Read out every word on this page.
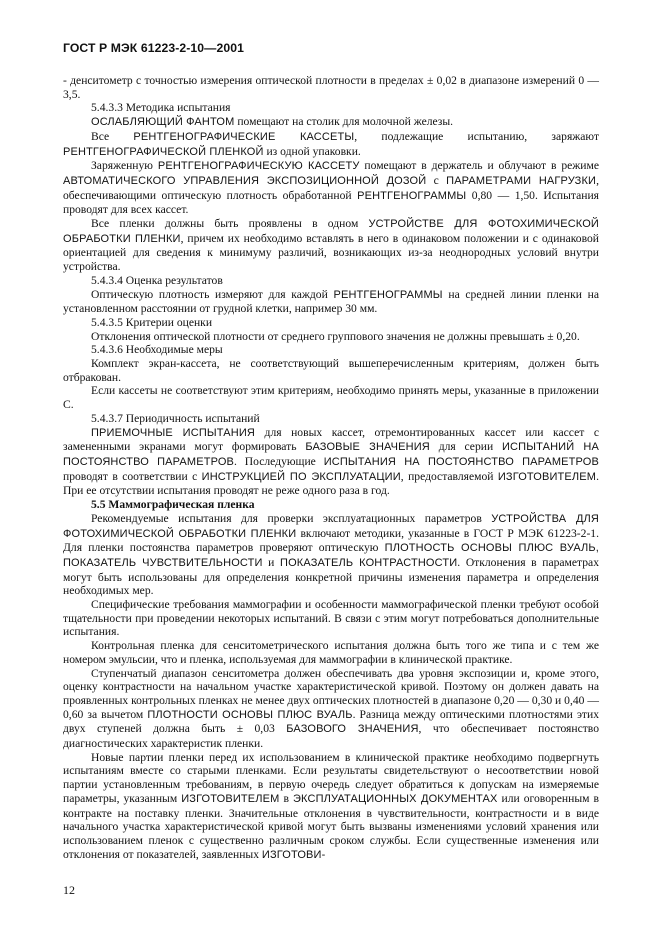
ГОСТ Р МЭК 61223-2-10—2001

- денситометр с точностью измерения оптической плотности в пределах ± 0,02 в диапазоне измерений 0 — 3,5.

5.4.3.3 Методика испытания

ОСЛАБЛЯЮЩИЙ ФАНТОМ помещают на столик для молочной железы.

Все РЕНТГЕНОГРАФИЧЕСКИЕ КАССЕТЫ, подлежащие испытанию, заряжают РЕНТГЕНОГРАФИЧЕСКОЙ ПЛЕНКОЙ из одной упаковки.

Заряженную РЕНТГЕНОГРАФИЧЕСКУЮ КАССЕТУ помещают в держатель и облучают в режиме АВТОМАТИЧЕСКОГО УПРАВЛЕНИЯ ЭКСПОЗИЦИОННОЙ ДОЗОЙ с ПАРАМЕТРАМИ НАГРУЗКИ, обеспечивающими оптическую плотность обработанной РЕНТГЕНОГРАММЫ 0,80 — 1,50. Испытания проводят для всех кассет.

Все пленки должны быть проявлены в одном УСТРОЙСТВЕ ДЛЯ ФОТОХИМИЧЕСКОЙ ОБРАБОТКИ ПЛЕНКИ, причем их необходимо вставлять в него в одинаковом положении и с одинаковой ориентацией для сведения к минимуму различий, возникающих из-за неоднородных условий внутри устройства.

5.4.3.4 Оценка результатов

Оптическую плотность измеряют для каждой РЕНТГЕНОГРАММЫ на средней линии пленки на установленном расстоянии от грудной клетки, например 30 мм.

5.4.3.5 Критерии оценки

Отклонения оптической плотности от среднего группового значения не должны превышать ± 0,20.

5.4.3.6 Необходимые меры

Комплект экран-кассета, не соответствующий вышеперечисленным критериям, должен быть отбракован.

Если кассеты не соответствуют этим критериям, необходимо принять меры, указанные в приложении С.

5.4.3.7 Периодичность испытаний

ПРИЕМОЧНЫЕ ИСПЫТАНИЯ для новых кассет, отремонтированных кассет или кассет с замененными экранами могут формировать БАЗОВЫЕ ЗНАЧЕНИЯ для серии ИСПЫТАНИЙ НА ПОСТОЯНСТВО ПАРАМЕТРОВ. Последующие ИСПЫТАНИЯ НА ПОСТОЯНСТВО ПАРАМЕТРОВ проводят в соответствии с ИНСТРУКЦИЕЙ ПО ЭКСПЛУАТАЦИИ, предоставляемой ИЗГОТОВИТЕЛЕМ. При ее отсутствии испытания проводят не реже одного раза в год.

5.5 Маммографическая пленка

Рекомендуемые испытания для проверки эксплуатационных параметров УСТРОЙСТВА ДЛЯ ФОТОХИМИЧЕСКОЙ ОБРАБОТКИ ПЛЕНКИ включают методики, указанные в ГОСТ Р МЭК 61223-2-1. Для пленки постоянства параметров проверяют оптическую ПЛОТНОСТЬ ОСНОВЫ ПЛЮС ВУАЛЬ, ПОКАЗАТЕЛЬ ЧУВСТВИТЕЛЬНОСТИ и ПОКАЗАТЕЛЬ КОНТРАСТНОСТИ. Отклонения в параметрах могут быть использованы для определения конкретной причины изменения параметра и определения необходимых мер.

Специфические требования маммографии и особенности маммографической пленки требуют особой тщательности при проведении некоторых испытаний. В связи с этим могут потребоваться дополнительные испытания.

Контрольная пленка для сенситометрического испытания должна быть того же типа и с тем же номером эмульсии, что и пленка, используемая для маммографии в клинической практике.

Ступенчатый диапазон сенситометра должен обеспечивать два уровня экспозиции и, кроме этого, оценку контрастности на начальном участке характеристической кривой. Поэтому он должен давать на проявленных контрольных пленках не менее двух оптических плотностей в диапазоне 0,20 — 0,30 и 0,40 — 0,60 за вычетом ПЛОТНОСТИ ОСНОВЫ ПЛЮС ВУАЛЬ. Разница между оптическими плотностями этих двух ступеней должна быть ± 0,03 БАЗОВОГО ЗНАЧЕНИЯ, что обеспечивает постоянство диагностических характеристик пленки.

Новые партии пленки перед их использованием в клинической практике необходимо подвергнуть испытаниям вместе со старыми пленками. Если результаты свидетельствуют о несоответствии новой партии установленным требованиям, в первую очередь следует обратиться к допускам на измеряемые параметры, указанным ИЗГОТОВИТЕЛЕМ в ЭКСПЛУАТАЦИОННЫХ ДОКУМЕНТАХ или оговоренным в контракте на поставку пленки. Значительные отклонения в чувствительности, контрастности и в виде начального участка характеристической кривой могут быть вызваны изменениями условий хранения или использованием пленок с существенно различным сроком службы. Если существенные изменения или отклонения от показателей, заявленных ИЗГОТОВИ-

12
